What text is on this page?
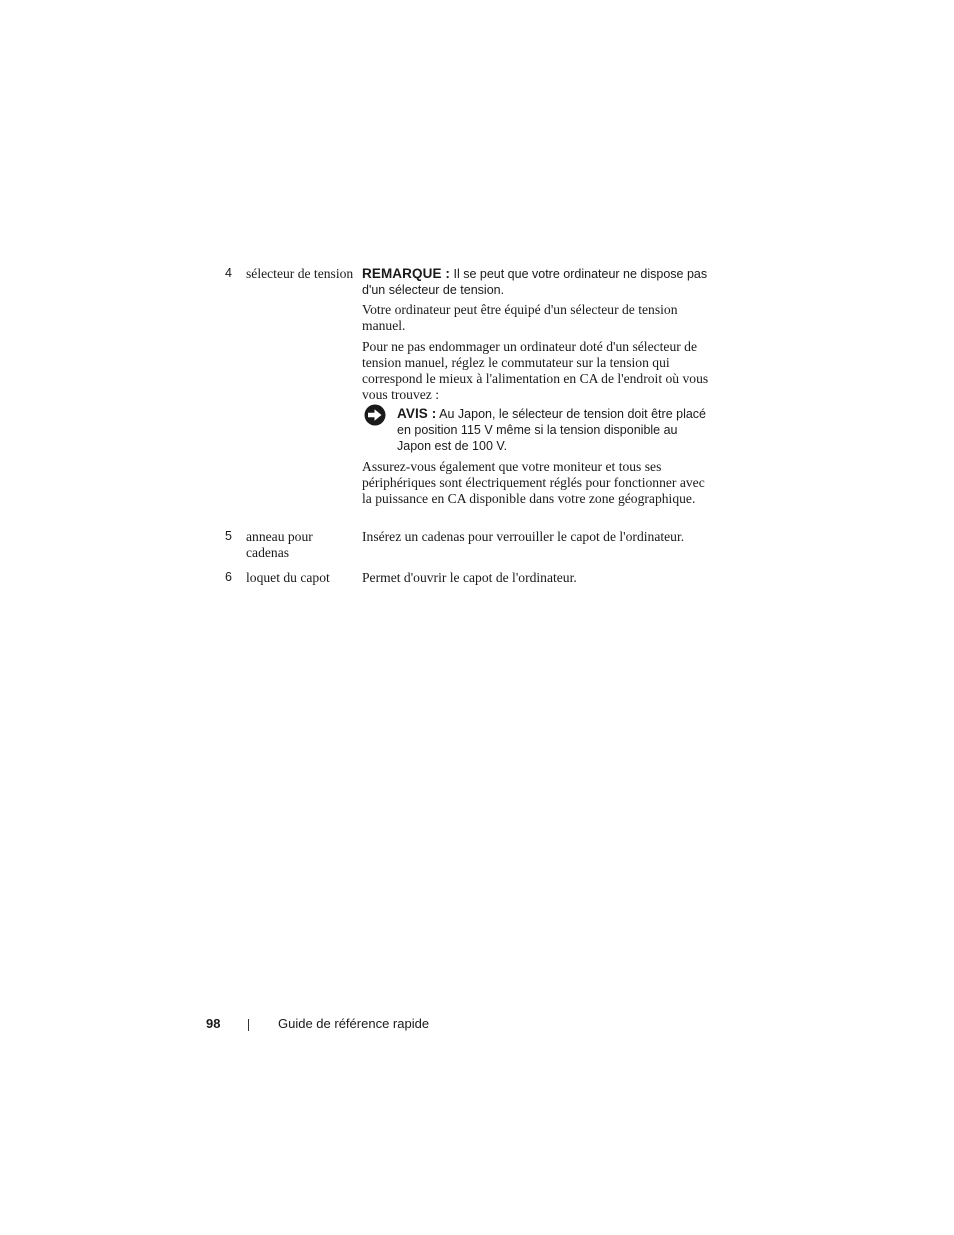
4 sélecteur de tension REMARQUE : Il se peut que votre ordinateur ne dispose pas d'un sélecteur de tension.
Votre ordinateur peut être équipé d'un sélecteur de tension manuel.
Pour ne pas endommager un ordinateur doté d'un sélecteur de tension manuel, réglez le commutateur sur la tension qui correspond le mieux à l'alimentation en CA de l'endroit où vous vous trouvez :
AVIS : Au Japon, le sélecteur de tension doit être placé en position 115 V même si la tension disponible au Japon est de 100 V.
Assurez-vous également que votre moniteur et tous ses périphériques sont électriquement réglés pour fonctionner avec la puissance en CA disponible dans votre zone géographique.
5 anneau pour cadenas
Insérez un cadenas pour verrouiller le capot de l'ordinateur.
6 loquet du capot	Permet d'ouvrir le capot de l'ordinateur.
98	Guide de référence rapide
